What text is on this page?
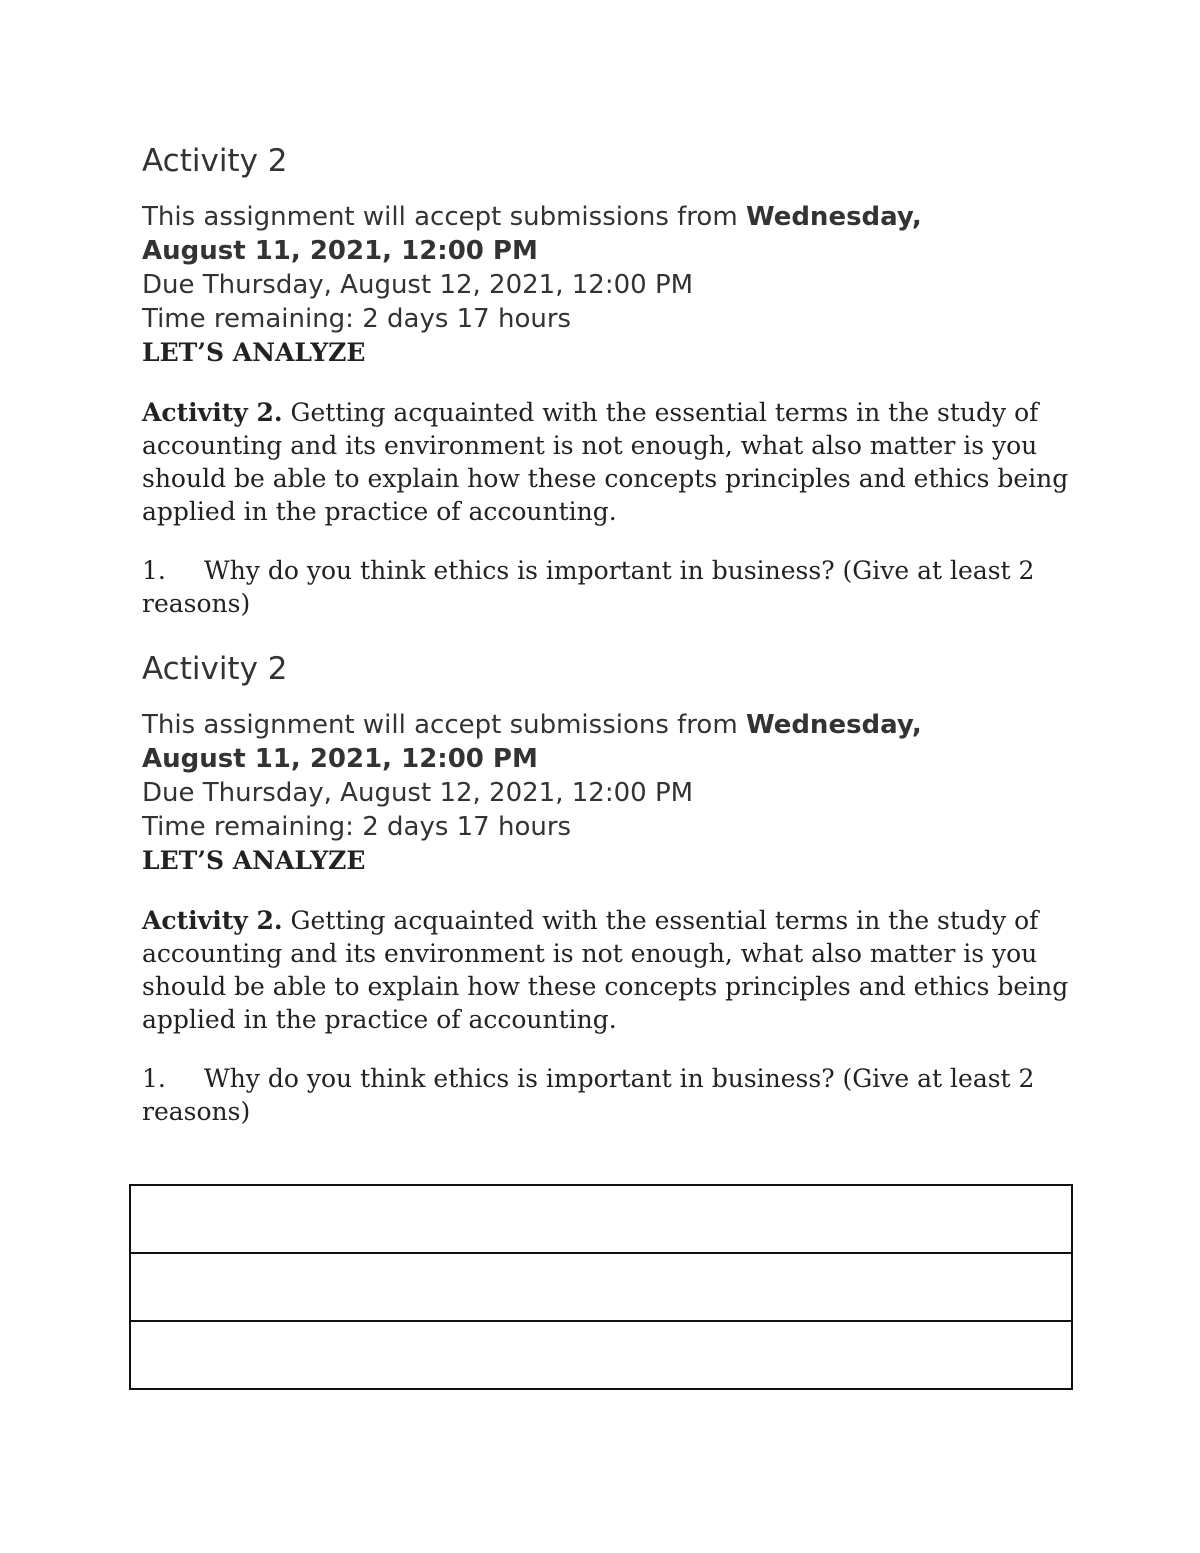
Activity 2

This assignment will accept submissions from Wednesday,
August 11, 2021, 12:00 PM

Due Thursday, August 12, 2021, 12:00 PM

Time remaining: 2 days 17 hours

LET’S ANALYZE

Activity 2. Getting acquainted with the essential terms in the study of accounting and its environment is not enough, what also matter is you should be able to explain how these concepts principles and ethics being applied in the practice of accounting.

1. Why do you think ethics is important in business? (Give at least 2 reasons)

Activity 2

This assignment will accept submissions from Wednesday,
August 11, 2021, 12:00 PM

Due Thursday, August 12, 2021, 12:00 PM

Time remaining: 2 days 17 hours

LET’S ANALYZE

Activity 2. Getting acquainted with the essential terms in the study of accounting and its environment is not enough, what also matter is you should be able to explain how these concepts principles and ethics being applied in the practice of accounting.

1. Why do you think ethics is important in business? (Give at least 2 reasons)
